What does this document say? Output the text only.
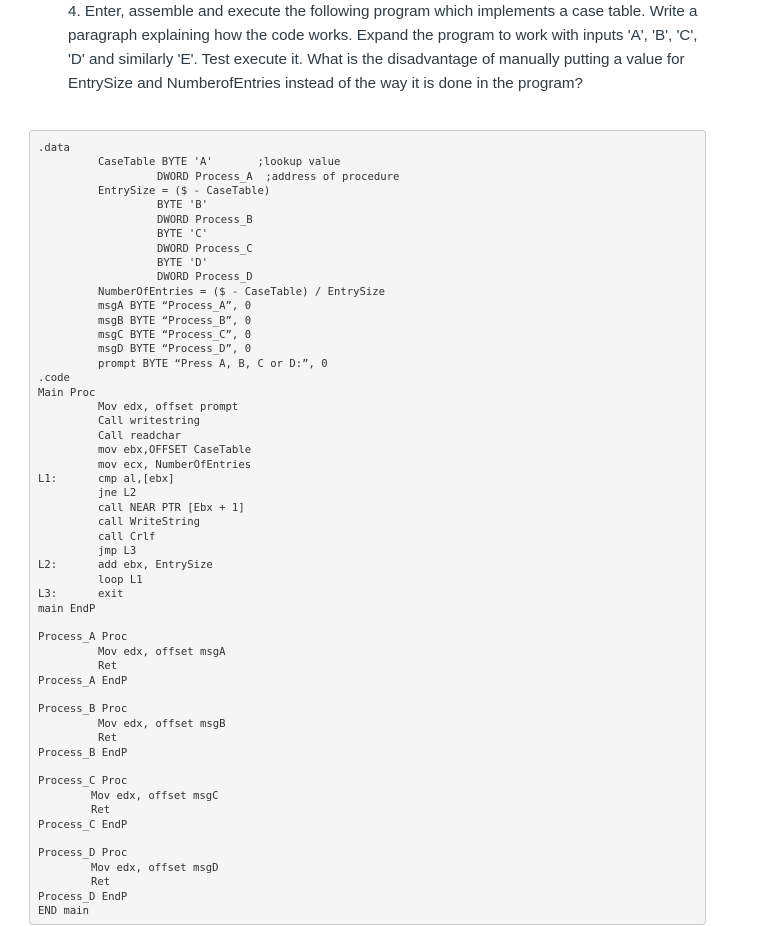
4. Enter, assemble and execute the following program which implements a case table. Write a paragraph explaining how the code works. Expand the program to work with inputs 'A', 'B', 'C', 'D' and similarly 'E'. Test execute it. What is the disadvantage of manually putting a value for EntrySize and NumberofEntries instead of the way it is done in the program?

.data
CaseTable BYTE 'A'       ;lookup value
DWORD Process_A  ;address of procedure
EntrySize = ($ - CaseTable)
BYTE 'B'
DWORD Process_B
BYTE 'C'
DWORD Process_C
BYTE 'D'
DWORD Process_D
NumberOfEntries = ($ - CaseTable) / EntrySize
msgA BYTE “Process_A”, 0
msgB BYTE “Process_B”, 0
msgC BYTE “Process_C”, 0
msgD BYTE “Process_D”, 0
prompt BYTE “Press A, B, C or D:”, 0
.code
Main Proc
Mov edx, offset prompt
Call writestring
Call readchar
mov ebx,OFFSET CaseTable
mov ecx, NumberOfEntries
L1:	cmp al,[ebx]
jne L2
call NEAR PTR [Ebx + 1]
call WriteString
call Crlf
jmp L3
L2:	add ebx, EntrySize
loop L1
L3:	exit
main EndP
Process_A Proc
Mov edx, offset msgA
Ret
Process_A EndP
Process_B Proc
Mov edx, offset msgB
Ret
Process_B EndP
Process_C Proc
Mov edx, offset msgC
Ret
Process_C EndP
Process_D Proc
Mov edx, offset msgD
Ret
Process_D EndP
END main
